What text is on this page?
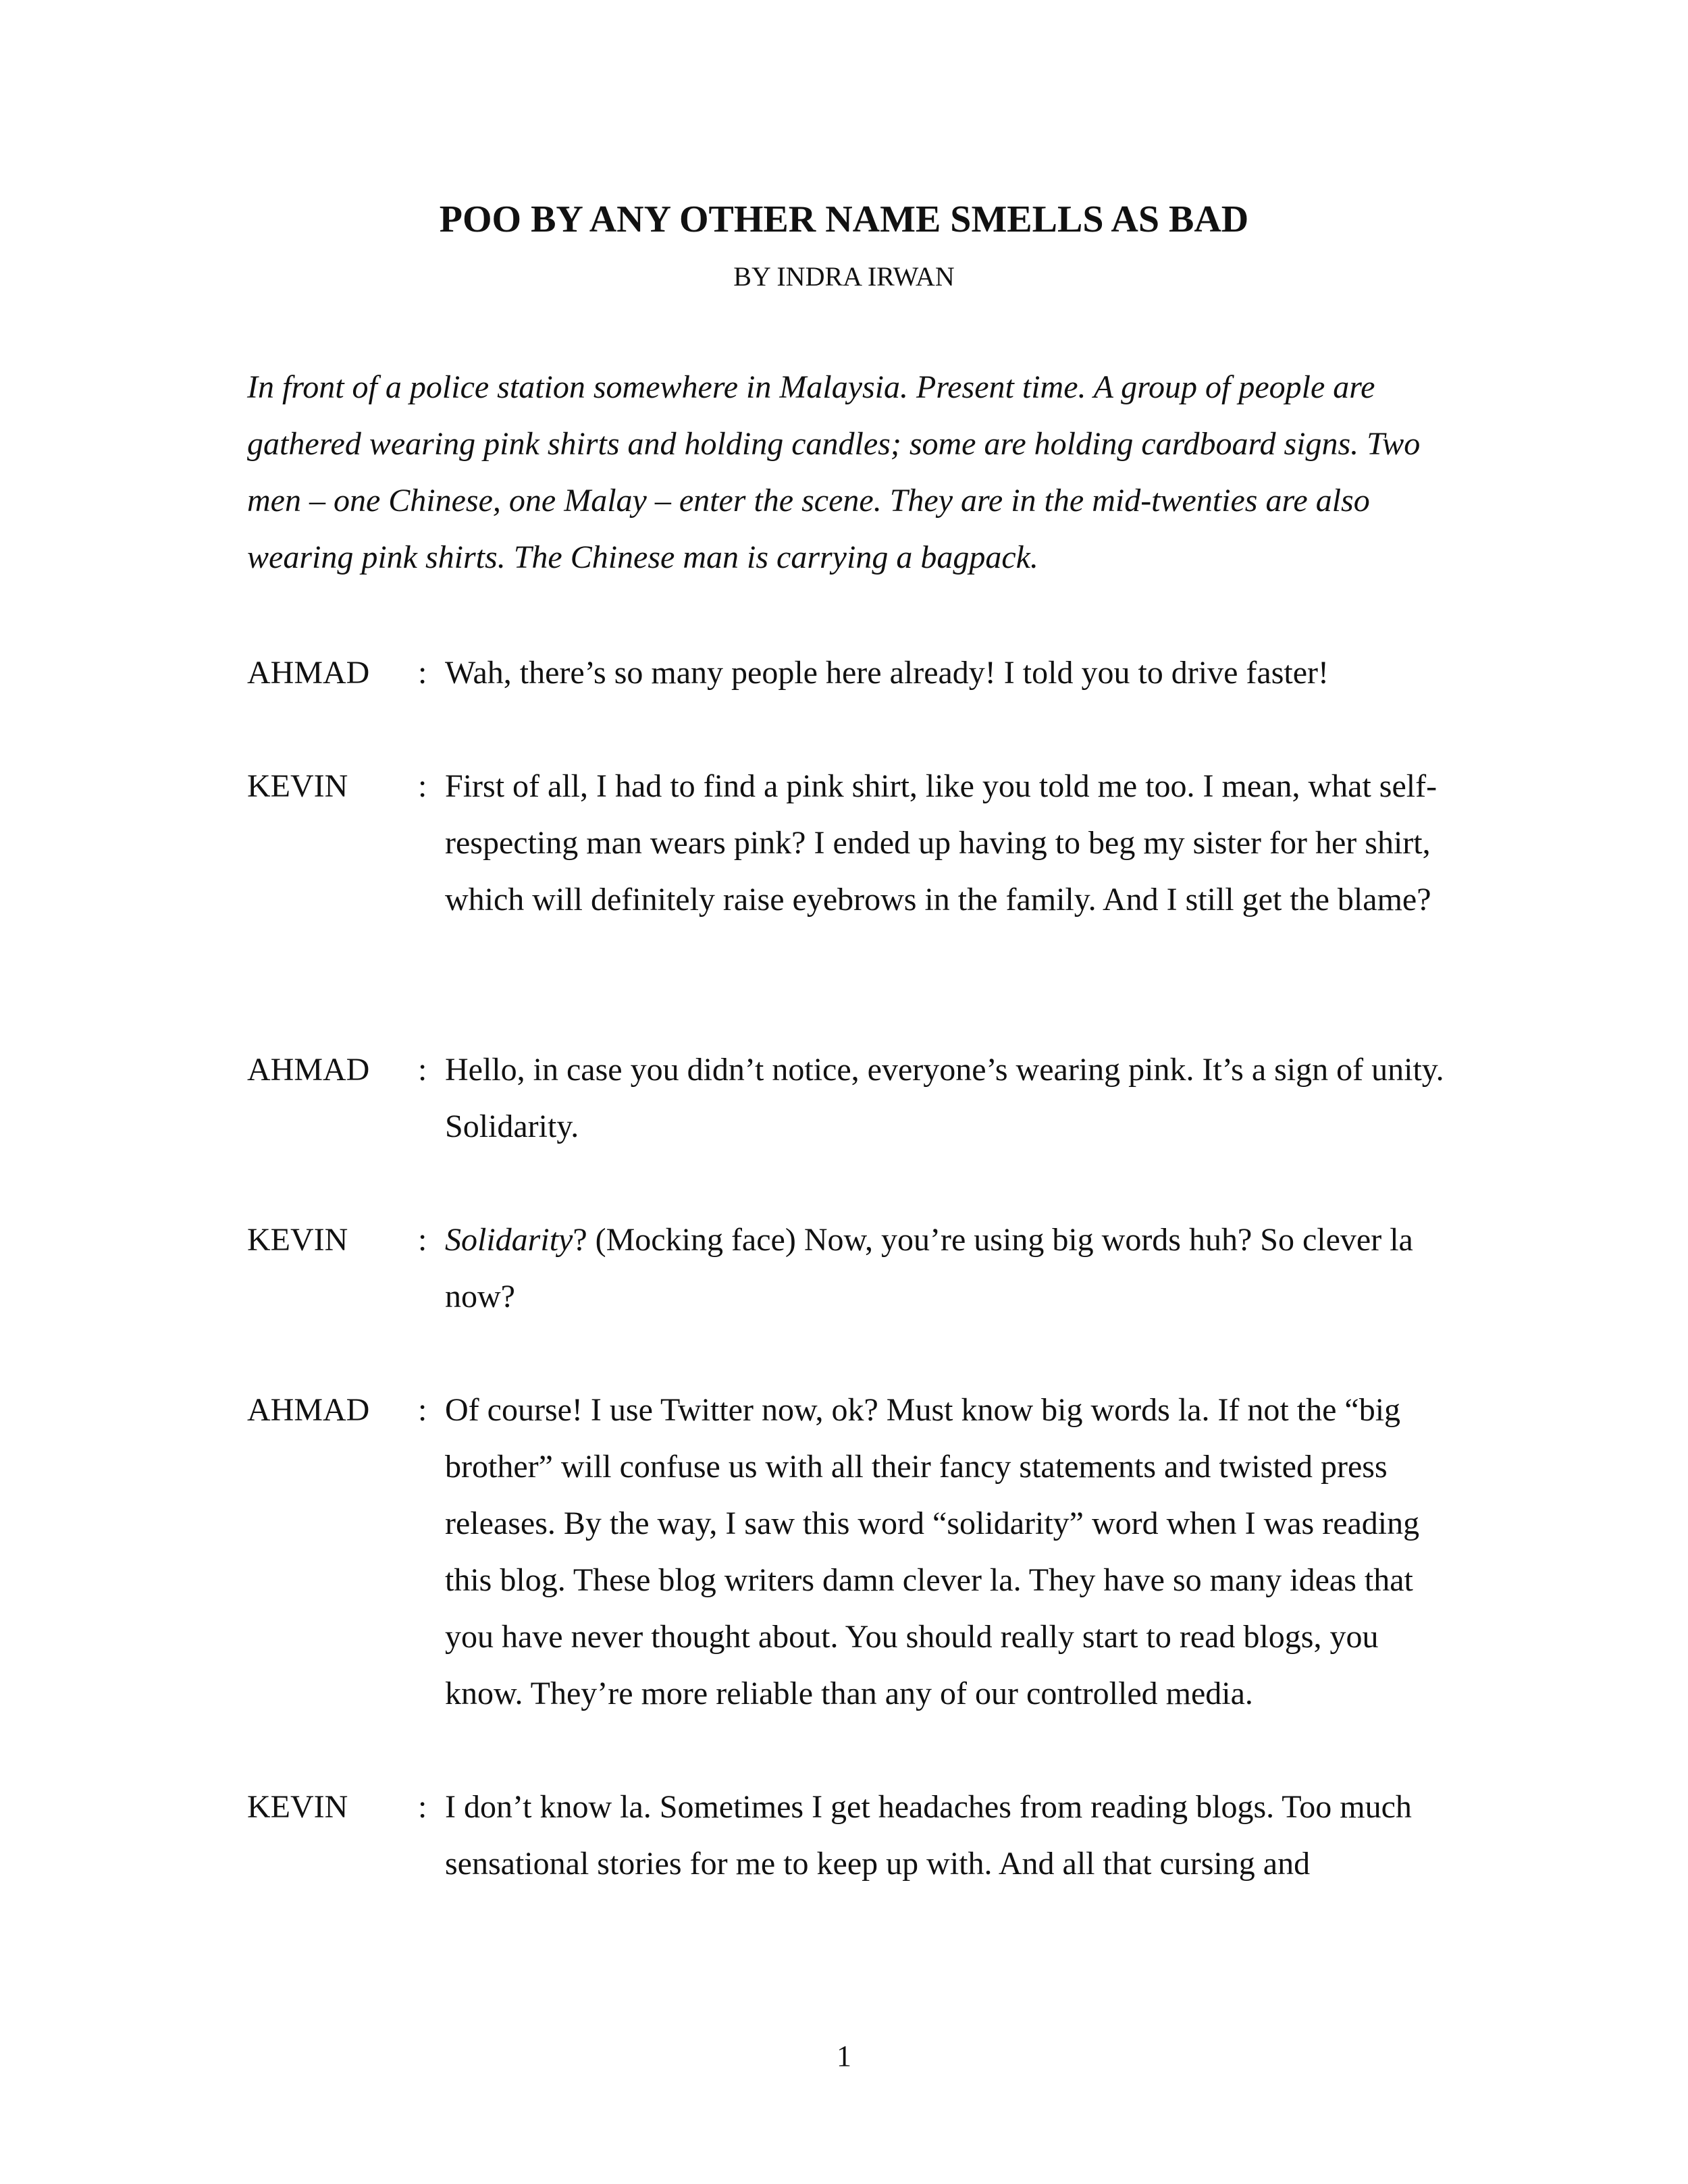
POO BY ANY OTHER NAME SMELLS AS BAD

BY INDRA IRWAN

In front of a police station somewhere in Malaysia. Present time. A group of people are gathered wearing pink shirts and holding candles; some are holding cardboard signs. Two men – one Chinese, one Malay – enter the scene. They are in the mid-twenties are also wearing pink shirts. The Chinese man is carrying a bagpack.

AHMAD	: Wah, there’s so many people here already! I told you to drive faster!
KEVIN	: First of all, I had to find a pink shirt, like you told me too. I mean, what self-respecting man wears pink? I ended up having to beg my sister for her shirt, which will definitely raise eyebrows in the family. And I still get the blame?
AHMAD	: Hello, in case you didn’t notice, everyone’s wearing pink. It’s a sign of unity. Solidarity.
KEVIN	: Solidarity? (Mocking face) Now, you’re using big words huh? So clever la now?
AHMAD	: Of course! I use Twitter now, ok? Must know big words la. If not the “big brother” will confuse us with all their fancy statements and twisted press releases. By the way, I saw this word “solidarity” word when I was reading this blog. These blog writers damn clever la. They have so many ideas that you have never thought about. You should really start to read blogs, you know. They’re more reliable than any of our controlled media.
KEVIN	: I don’t know la. Sometimes I get headaches from reading blogs. Too much sensational stories for me to keep up with. And all that cursing and
1
